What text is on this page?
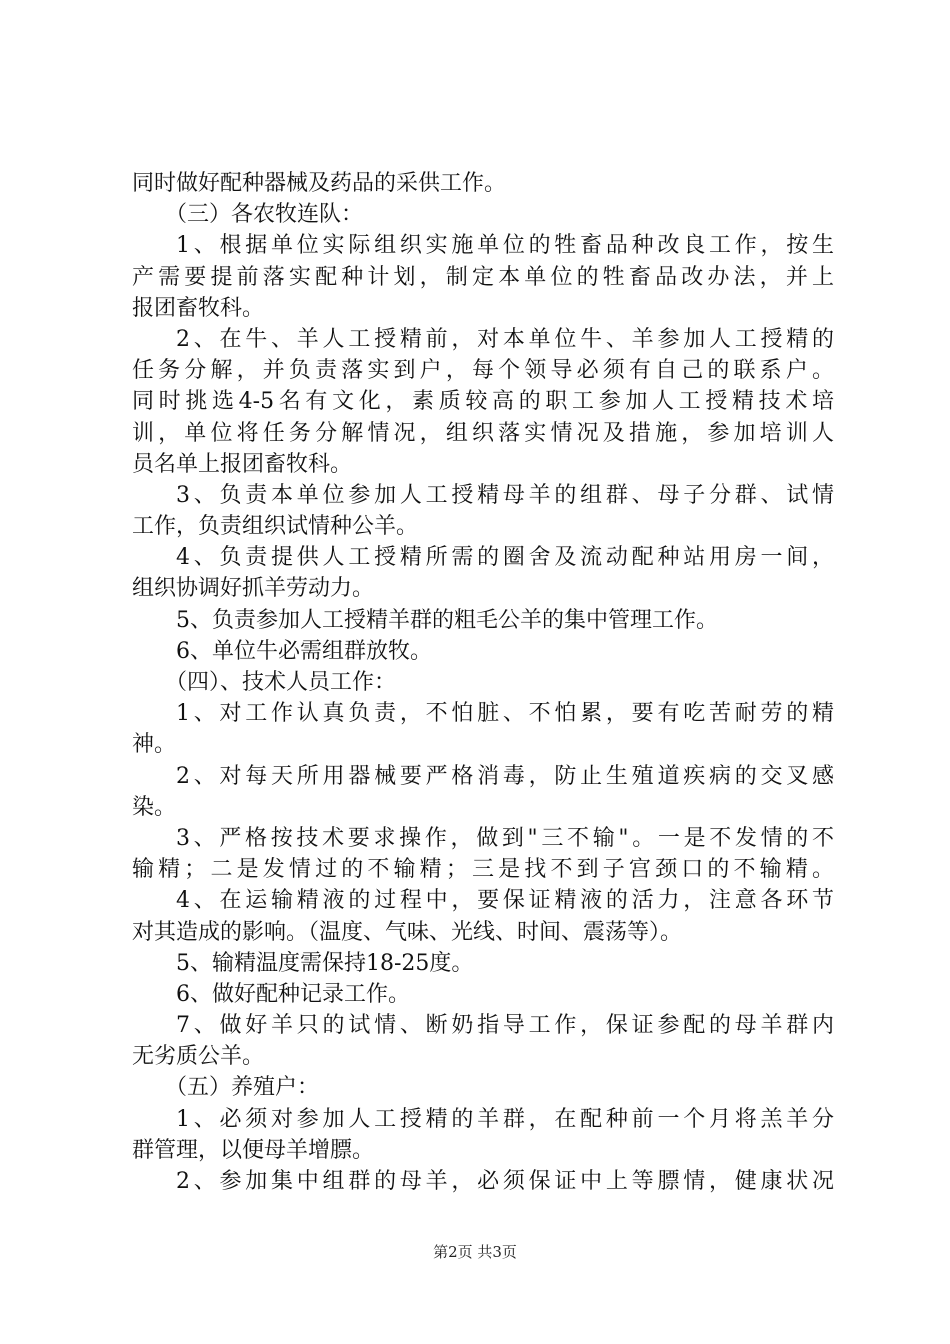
同时做好配种器械及药品的采供工作。
（三）各农牧连队：
1、根据单位实际组织实施单位的牲畜品种改良工作，按生
产需要提前落实配种计划，制定本单位的牲畜品改办法，并上
报团畜牧科。
2、在牛、羊人工授精前，对本单位牛、羊参加人工授精的
任务分解，并负责落实到户，每个领导必须有自己的联系户。
同时挑选4-5名有文化，素质较高的职工参加人工授精技术培
训，单位将任务分解情况，组织落实情况及措施，参加培训人
员名单上报团畜牧科。
3、负责本单位参加人工授精母羊的组群、母子分群、试情
工作，负责组织试情种公羊。
4、负责提供人工授精所需的圈舍及流动配种站用房一间，
组织协调好抓羊劳动力。
5、负责参加人工授精羊群的粗毛公羊的集中管理工作。
6、单位牛必需组群放牧。
（四）、技术人员工作：
1、对工作认真负责，不怕脏、不怕累，要有吃苦耐劳的精
神。
2、对每天所用器械要严格消毒，防止生殖道疾病的交叉感
染。
3、严格按技术要求操作，做到"三不输"。一是不发情的不
输精；二是发情过的不输精；三是找不到子宫颈口的不输精。
4、在运输精液的过程中，要保证精液的活力，注意各环节
对其造成的影响。（温度、气味、光线、时间、震荡等）。
5、输精温度需保持18-25度。
6、做好配种记录工作。
7、做好羊只的试情、断奶指导工作，保证参配的母羊群内
无劣质公羊。
（五）养殖户：
1、必须对参加人工授精的羊群，在配种前一个月将羔羊分
群管理，以便母羊增膘。
2、参加集中组群的母羊，必须保证中上等膘情，健康状况
第2页 共3页
